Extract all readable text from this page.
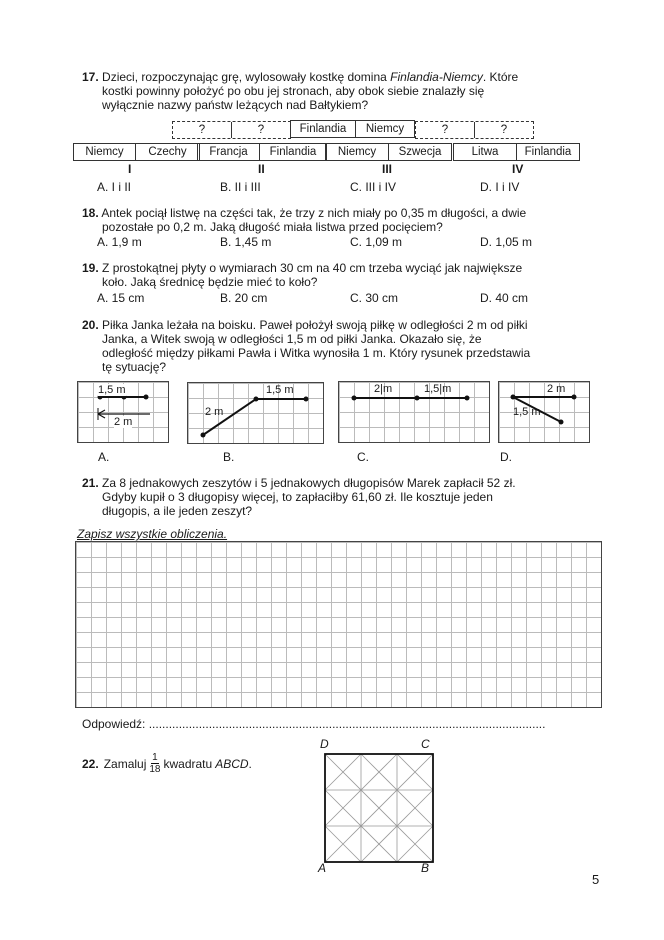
17. Dzieci, rozpoczynając grę, wylosowały kostkę domina Finlandia-Niemcy. Które
kostki powinny położyć po obu jej stronach, aby obok siebie znalazły się
wyłącznie nazwy państw leżących nad Bałtykiem?
?	?	Finlandia	Niemcy	?	?
Niemcy	Czechy	Francja	Finlandia	Niemcy	Szwecja	Litwa	Finlandia
I	II	III	IV
A. I i II	B. II i III	C. III i IV	D. I i IV
18. Antek pociął listwę na części tak, że trzy z nich miały po 0,35 m długości, a dwie
pozostałe po 0,2 m. Jaką długość miała listwa przed pocięciem?
A. 1,9 m	B. 1,45 m	C. 1,09 m	D. 1,05 m
19. Z prostokątnej płyty o wymiarach 30 cm na 40 cm trzeba wyciąć jak największe
koło. Jaką średnicę będzie mieć to koło?
A. 15 cm	B. 20 cm	C. 30 cm	D. 40 cm
20. Piłka Janka leżała na boisku. Paweł położył swoją piłkę w odległości 2 m od piłki
Janka, a Witek swoją w odległości 1,5 m od piłki Janka. Okazało się, że
odległość między piłkami Pawła i Witka wynosiła 1 m. Który rysunek przedstawia
tę sytuację?
1,5 m
2 m
A.
1,5 m
2 m
B.
2|m	1,5|m
C.
2 m
1,5 m
D.
21. Za 8 jednakowych zeszytów i 5 jednakowych długopisów Marek zapłacił 52 zł.
Gdyby kupił o 3 długopisy więcej, to zapłaciłby 61,60 zł. Ile kosztuje jeden
długopis, a ile jeden zeszyt?
Zapisz wszystkie obliczenia.
Odpowiedź: .......................................................................................................................
22. Zamaluj $\frac{1}{18}$ kwadratu ABCD .
D	C
A	B
5
